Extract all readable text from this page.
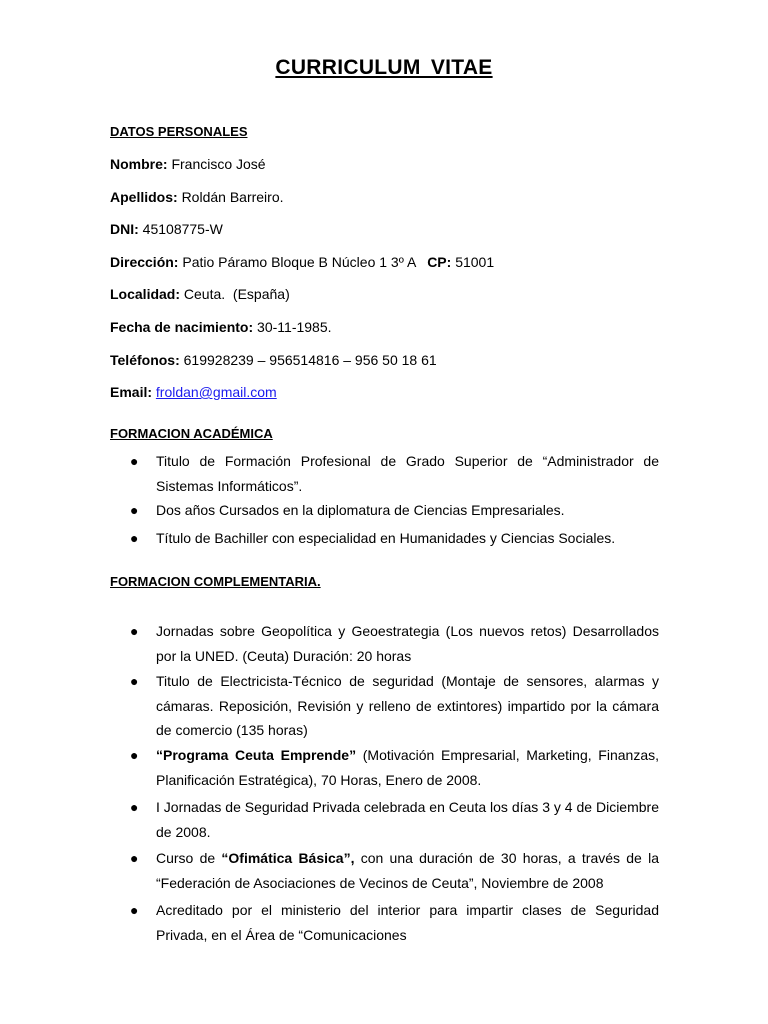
CURRICULUM VITAE
DATOS PERSONALES
Nombre: Francisco José
Apellidos: Roldán Barreiro.
DNI: 45108775-W
Dirección: Patio Páramo Bloque B Núcleo 1 3º A CP: 51001
Localidad: Ceuta.  (España)
Fecha de nacimiento: 30-11-1985.
Teléfonos: 619928239 – 956514816 – 956 50 18 61
Email: froldan@gmail.com
FORMACION ACADÉMICA
● Titulo de Formación Profesional de Grado Superior de “Administrador de Sistemas Informáticos”.
● Dos años Cursados en la diplomatura de Ciencias Empresariales.
● Título de Bachiller con especialidad en Humanidades y Ciencias Sociales.
FORMACION COMPLEMENTARIA.
● Jornadas sobre Geopolítica y Geoestrategia (Los nuevos retos) Desarrollados por la UNED. (Ceuta) Duración: 20 horas
● Titulo de Electricista-Técnico de seguridad (Montaje de sensores, alarmas y cámaras. Reposición, Revisión y relleno de extintores) impartido por la cámara de comercio (135 horas)
● “Programa Ceuta Emprende” (Motivación Empresarial, Marketing, Finanzas, Planificación Estratégica), 70 Horas, Enero de 2008.
● I Jornadas de Seguridad Privada celebrada en Ceuta los días 3 y 4 de Diciembre de 2008.
● Curso de “Ofimática Básica”, con una duración de 30 horas, a través de la “Federación de Asociaciones de Vecinos de Ceuta”, Noviembre de 2008
● Acreditado por el ministerio del interior para impartir clases de Seguridad Privada, en el Área de “Comunicaciones
